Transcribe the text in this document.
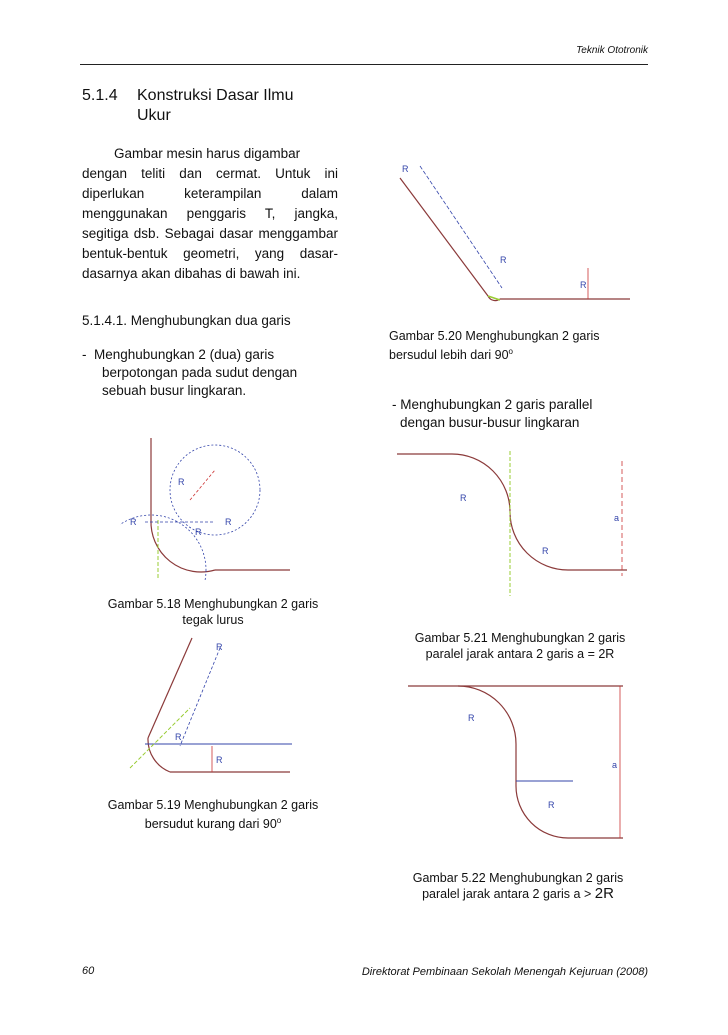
Teknik Ototronik
5.1.4 Konstruksi Dasar Ilmu
Ukur
Gambar mesin harus digambar
dengan teliti dan cermat. Untuk ini diperlukan keterampilan dalam menggunakan penggaris T, jangka, segitiga dsb. Sebagai dasar menggambar bentuk-bentuk geometri, yang dasar-dasarnya akan dibahas di bawah ini.
5.1.4.1. Menghubungkan dua garis
- Menghubungkan 2 (dua) garis
berpotongan pada sudut dengan
sebuah busur lingkaran.
- Menghubungkan 2 garis parallel
dengan busur-busur lingkaran
R
R	R
R
Gambar 5.18 Menghubungkan 2 garis
tegak lurus
R
R
R
Gambar 5.19 Menghubungkan 2 garis
bersudut kurang dari 90$^o$
R
R
R
Gambar 5.20 Menghubungkan 2 garis
bersudul lebih dari 90$^o$
R
R
a
Gambar 5.21 Menghubungkan 2 garis
paralel jarak antara 2 garis a = 2R
R
R
a
Gambar 5.22 Menghubungkan 2 garis
paralel jarak antara 2 garis a > 2R
60	Direktorat Pembinaan Sekolah Menengah Kejuruan (2008)
